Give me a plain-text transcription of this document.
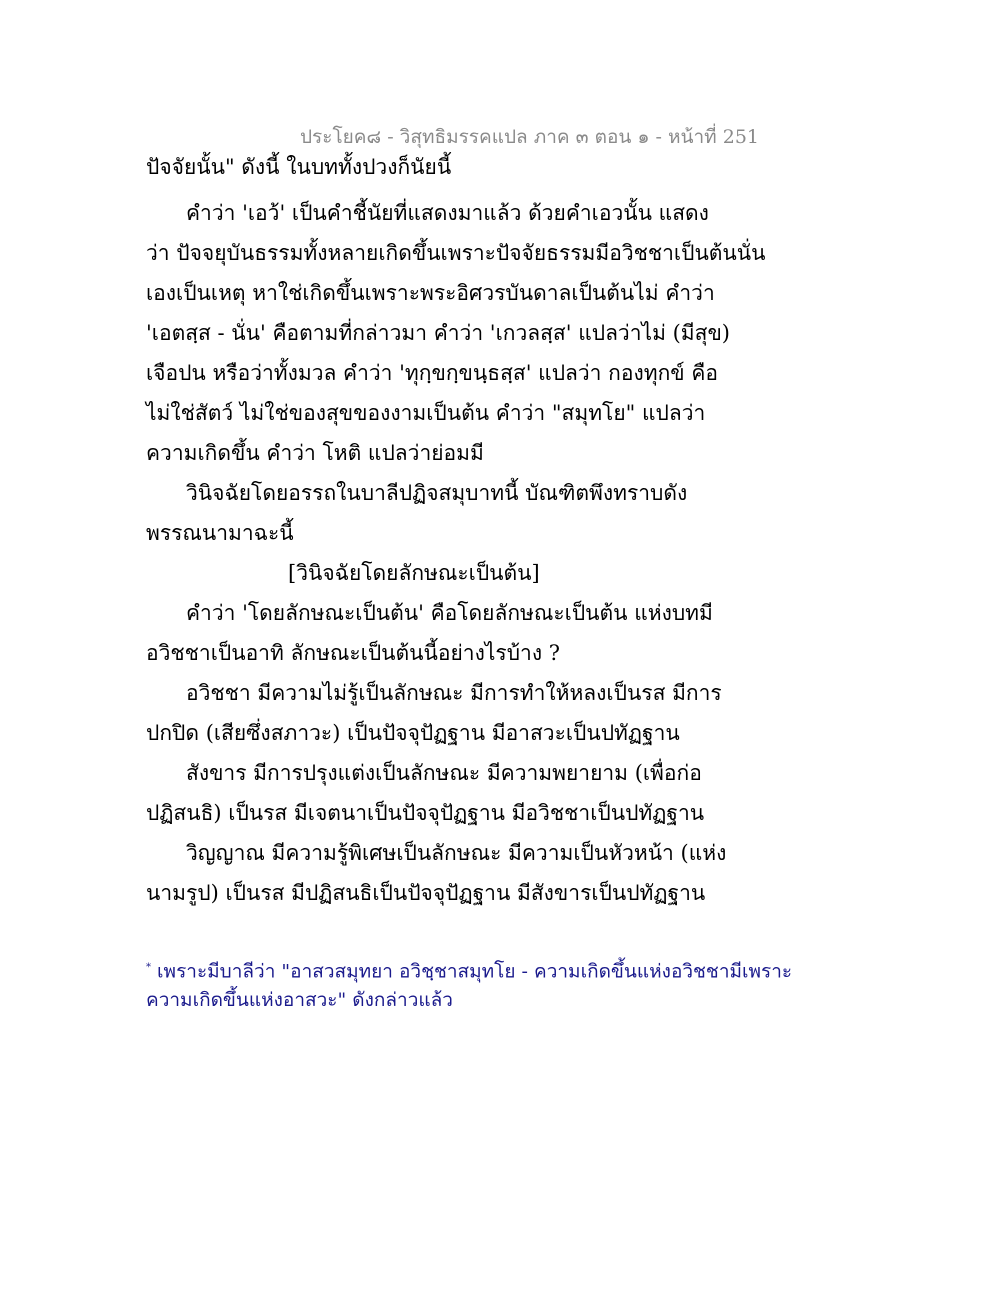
ประโยค๘ - วิสุทธิมรรคแปล ภาค ๓ ตอน ๑ - หน้าที่ 251
ปัจจัยนั้น" ดังนี้ ในบททั้งปวงก็นัยนี้
คำว่า 'เอว้' เป็นคำชี้นัยที่แสดงมาแล้ว ด้วยคำเอวนั้น แสดง
ว่า ปัจจยุบันธรรมทั้งหลายเกิดขึ้นเพราะปัจจัยธรรมมีอวิชชาเป็นต้นนั่น
เองเป็นเหตุ หาใช่เกิดขึ้นเพราะพระอิศวรบันดาลเป็นต้นไม่ คำว่า
'เอตสฺส - นั่น' คือตามที่กล่าวมา คำว่า 'เกวลสฺส' แปลว่าไม่ (มีสุข)
เจือปน หรือว่าทั้งมวล คำว่า 'ทุกฺขกฺขนฺธสฺส' แปลว่า กองทุกข์ คือ
ไม่ใช่สัตว์ ไม่ใช่ของสุขของงามเป็นต้น คำว่า "สมุทโย" แปลว่า
ความเกิดขึ้น คำว่า โหติ แปลว่าย่อมมี
วินิจฉัยโดยอรรถในบาลีปฏิจสมุบาทนี้ บัณฑิตพึงทราบดัง
พรรณนามาฉะนี้
[วินิจฉัยโดยลักษณะเป็นต้น]
คำว่า 'โดยลักษณะเป็นต้น' คือโดยลักษณะเป็นต้น แห่งบทมี
อวิชชาเป็นอาทิ ลักษณะเป็นต้นนี้อย่างไรบ้าง ?
อวิชชา มีความไม่รู้เป็นลักษณะ มีการทำให้หลงเป็นรส มีการ
ปกปิด (เสียซึ่งสภาวะ) เป็นปัจจุปัฏฐาน มีอาสวะเป็นปทัฏฐาน
สังขาร มีการปรุงแต่งเป็นลักษณะ มีความพยายาม (เพื่อก่อ
ปฏิสนธิ) เป็นรส มีเจตนาเป็นปัจจุปัฏฐาน มีอวิชชาเป็นปทัฏฐาน
วิญญาณ มีความรู้พิเศษเป็นลักษณะ มีความเป็นหัวหน้า (แห่ง
นามรูป) เป็นรส มีปฏิสนธิเป็นปัจจุปัฏฐาน มีสังขารเป็นปทัฏฐาน
* เพราะมีบาลีว่า "อาสวสมุทยา อวิชฺชาสมุทโย - ความเกิดขึ้นแห่งอวิชชามีเพราะ
ความเกิดขึ้นแห่งอาสวะ" ดังกล่าวแล้ว
